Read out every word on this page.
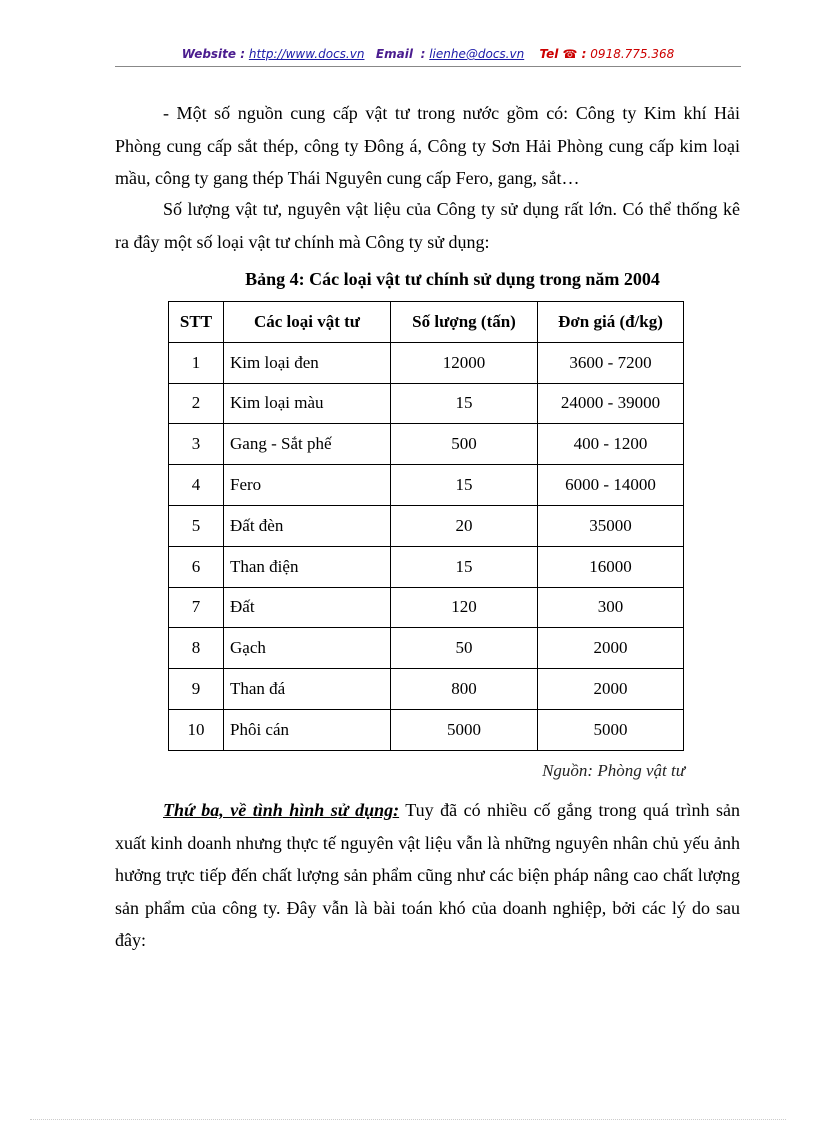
Website : http://www.docs.vn Email : lienhe@docs.vn Tel ☎ : 0918.775.368

- Một số nguồn cung cấp vật tư trong nước gồm có: Công ty Kim khí Hải Phòng cung cấp sắt thép, công ty Đông á, Công ty Sơn Hải Phòng cung cấp kim loại mầu, công ty gang thép Thái Nguyên cung cấp Fero, gang, sắt…

Số lượng vật tư, nguyên vật liệu của Công ty sử dụng rất lớn. Có thể thống kê ra đây một số loại vật tư chính mà Công ty sử dụng:

Bảng 4: Các loại vật tư chính sử dụng trong năm 2004
STT	Các loại vật tư	Số lượng (tấn)	Đơn giá (đ/kg)
1	Kim loại đen	12000	3600 - 7200
2	Kim loại màu	15	24000 - 39000
3	Gang - Sắt phế	500	400 - 1200
4	Fero	15	6000 - 14000
5	Đất đèn	20	35000
6	Than điện	15	16000
7	Đất	120	300
8	Gạch	50	2000
9	Than đá	800	2000
10	Phôi cán	5000	5000
Nguồn: Phòng vật tư

Thứ ba, về tình hình sử dụng: Tuy đã có nhiều cố gắng trong quá trình sản xuất kinh doanh nhưng thực tế nguyên vật liệu vẫn là những nguyên nhân chủ yếu ảnh hưởng trực tiếp đến chất lượng sản phẩm cũng như các biện pháp nâng cao chất lượng sản phẩm của công ty. Đây vẫn là bài toán khó của doanh nghiệp, bởi các lý do sau đây:
